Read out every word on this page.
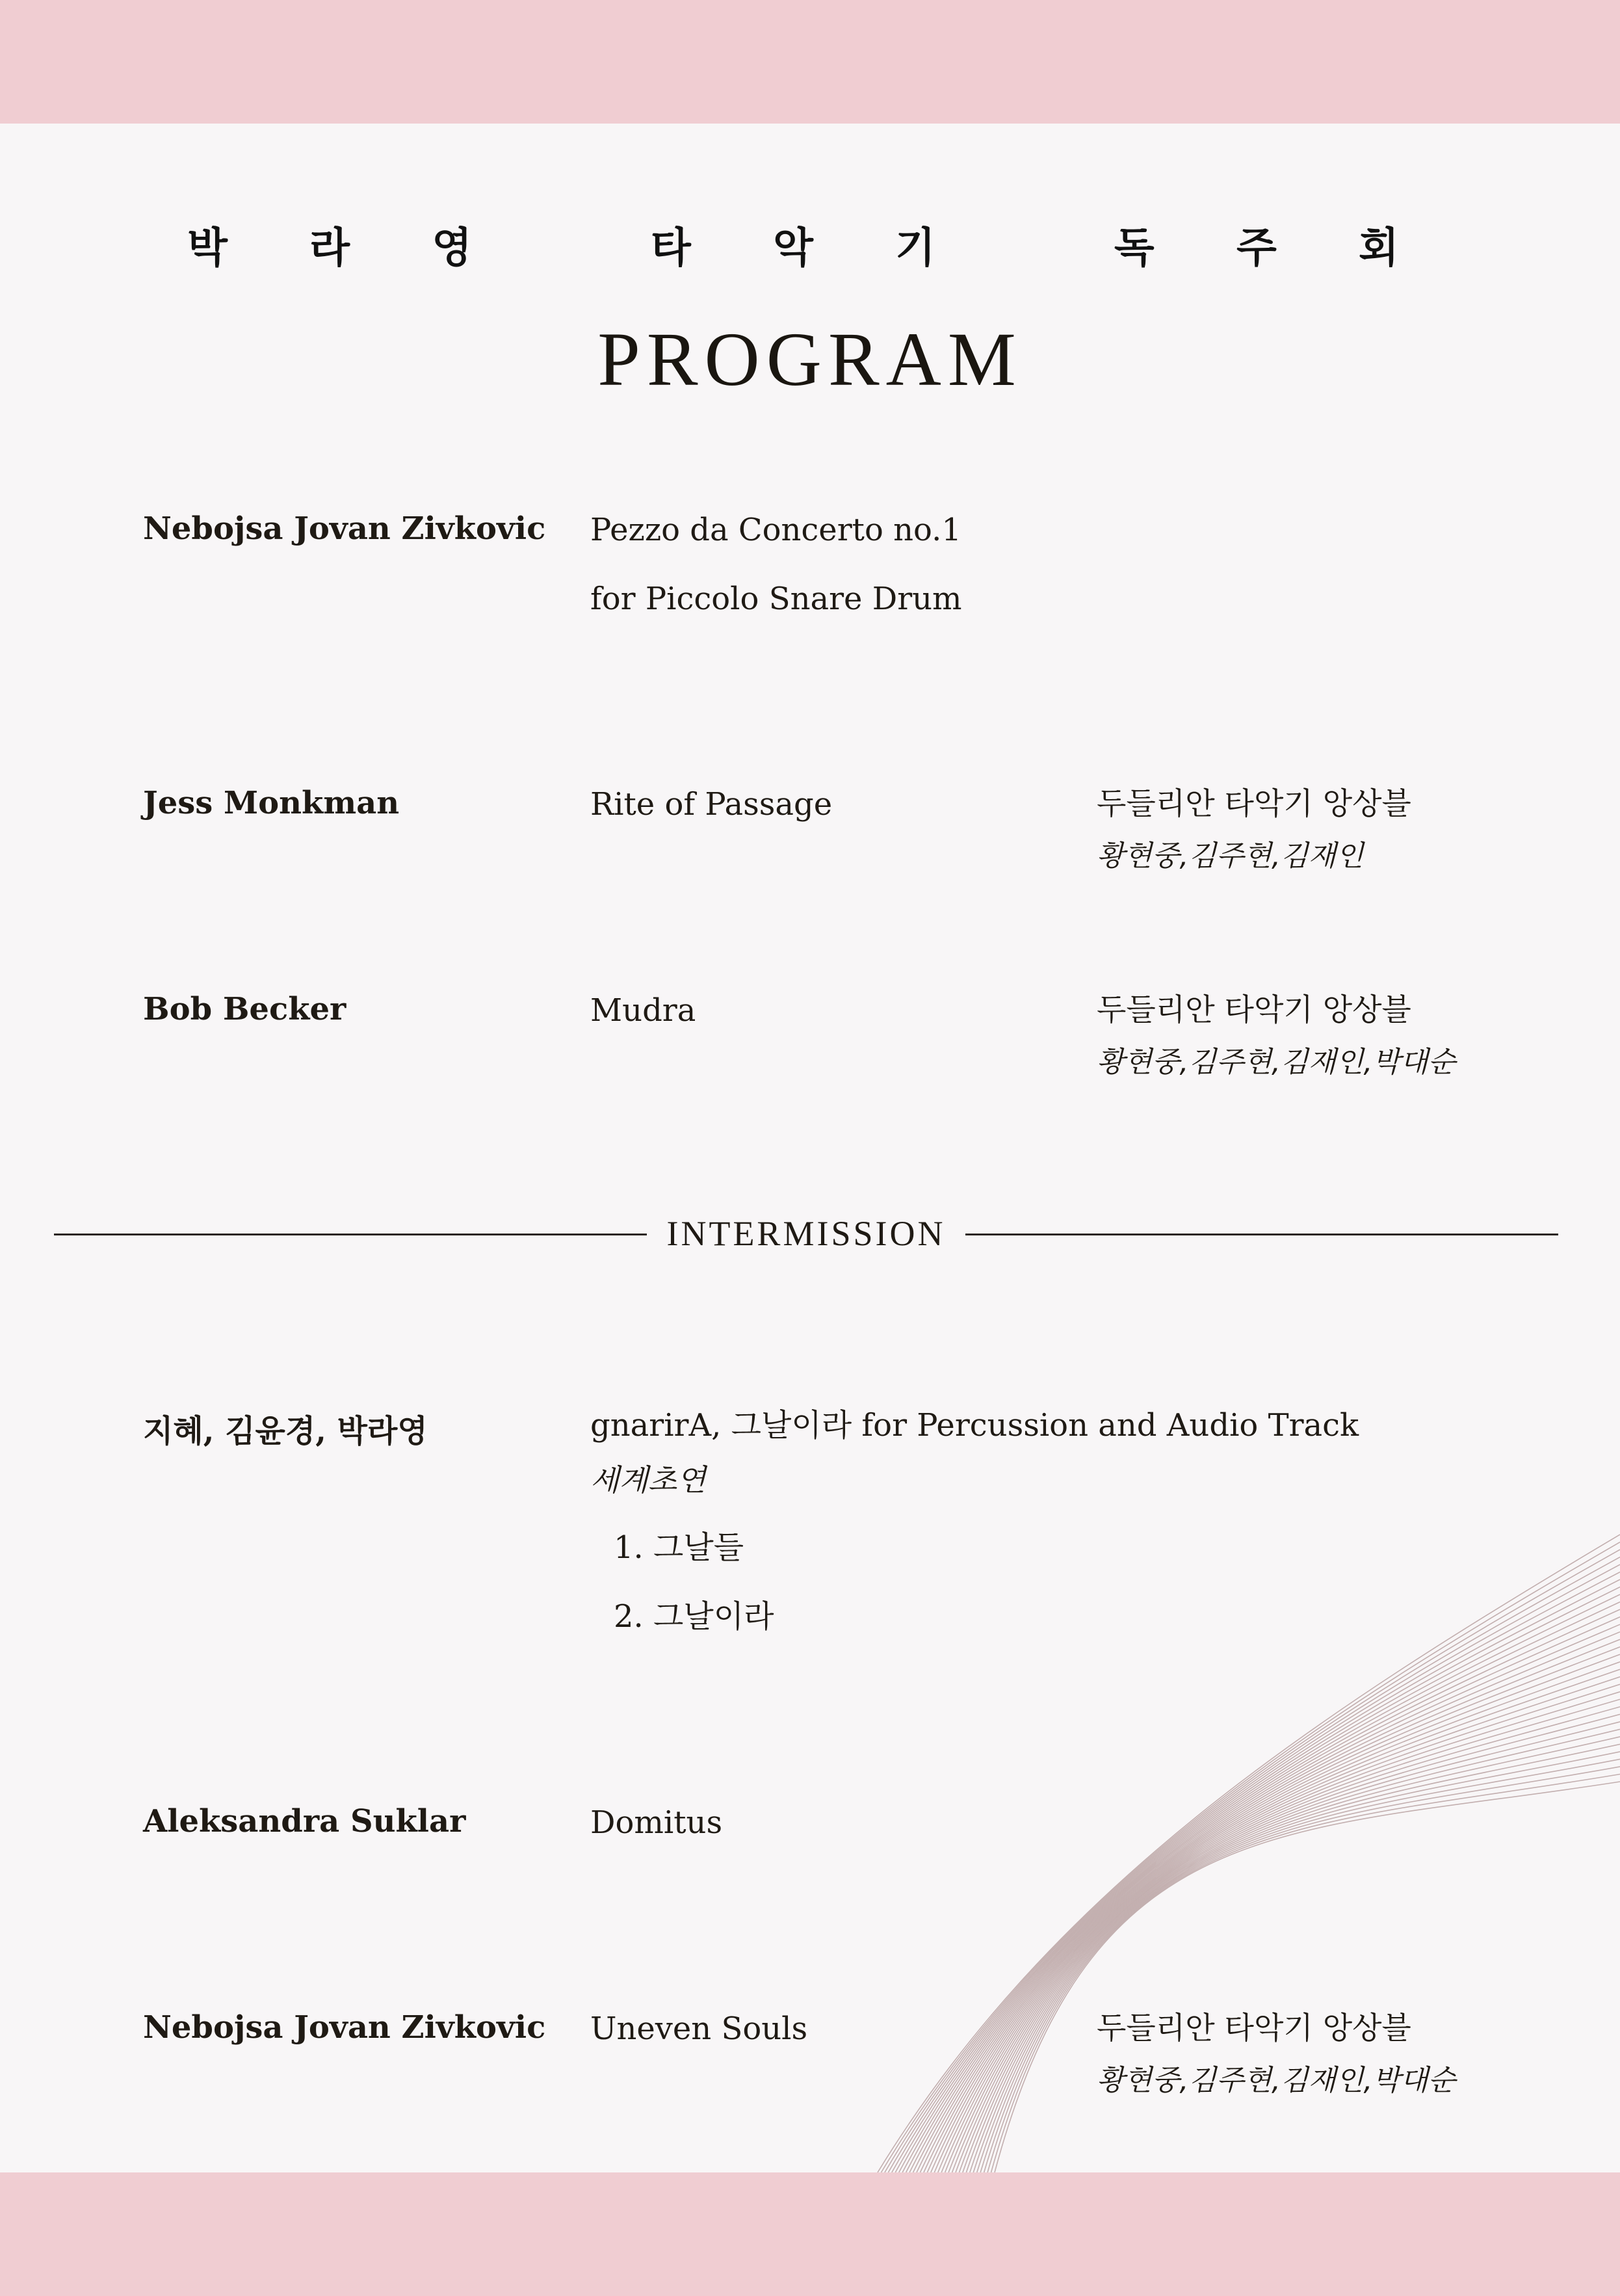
박 라 영   타 악 기   독 주 회
PROGRAM
Nebojsa Jovan Zivkovic	Pezzo da Concerto no.1
for Piccolo Snare Drum
Jess Monkman	Rite of Passage	두들리안 타악기 앙상블
황현중,김주현,김재인
Bob Becker	Mudra	두들리안 타악기 앙상블
황현중,김주현,김재인,박대순
INTERMISSION
지혜, 김윤경, 박라영	gnarirA, 그날이라 for Percussion and Audio Track
세계초연
1. 그날들
2. 그날이라
Aleksandra Suklar	Domitus
Nebojsa Jovan Zivkovic	Uneven Souls	두들리안 타악기 앙상블
황현중,김주현,김재인,박대순
